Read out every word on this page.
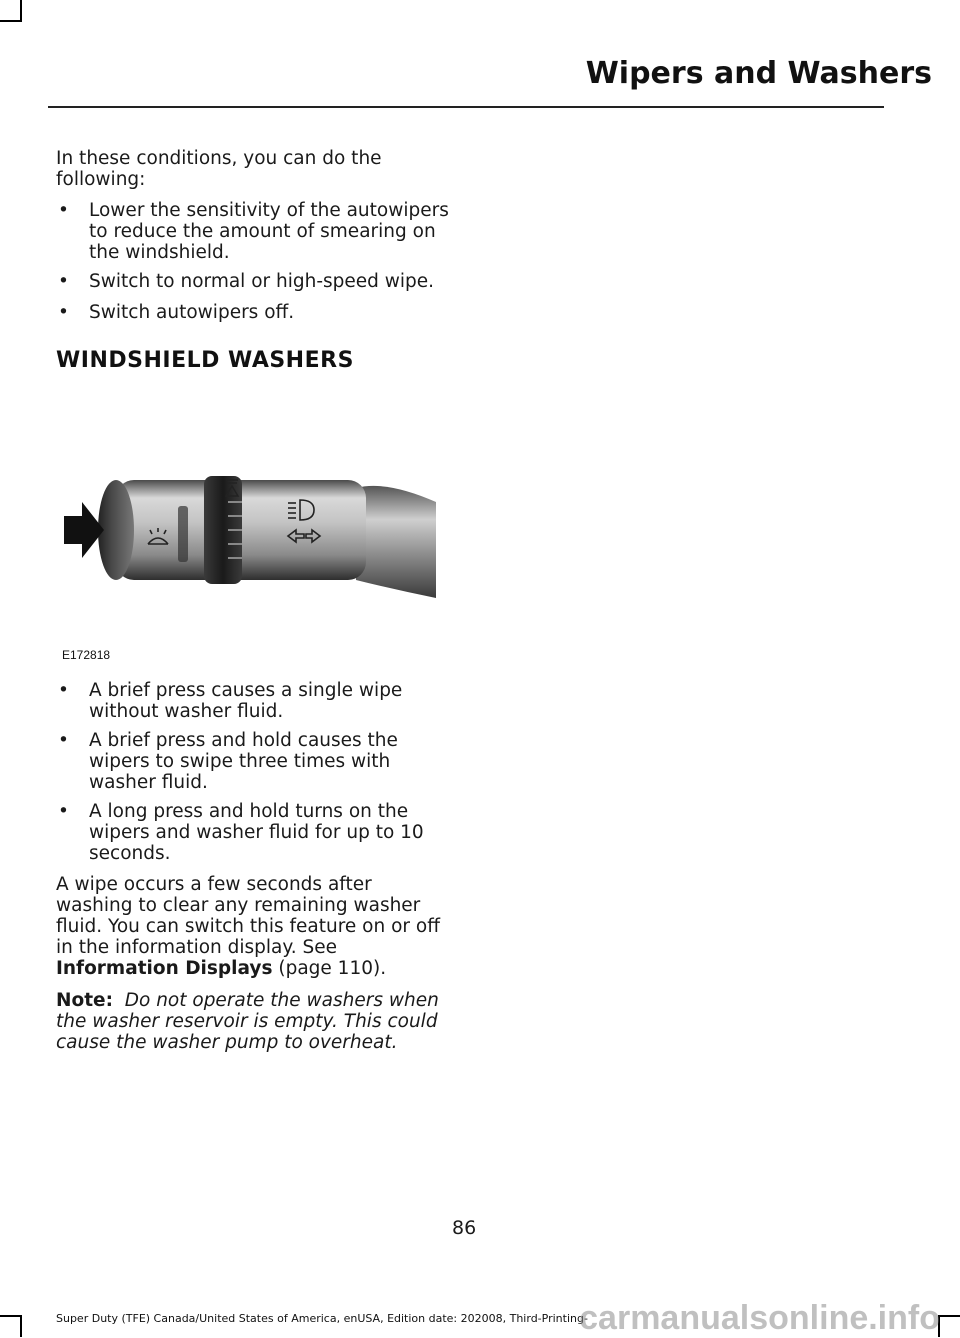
Wipers and Washers

In these conditions, you can do the following:

• Lower the sensitivity of the autowipers to reduce the amount of smearing on the windshield.
• Switch to normal or high-speed wipe.
• Switch autowipers off.
WINDSHIELD WASHERS
E172818
• A brief press causes a single wipe without washer fluid.
• A brief press and hold causes the wipers to swipe three times with washer fluid.
• A long press and hold turns on the wipers and washer fluid for up to 10 seconds.

A wipe occurs a few seconds after washing to clear any remaining washer fluid. You can switch this feature on or off in the information display. See Information Displays (page 110).

Note: Do not operate the washers when the washer reservoir is empty. This could cause the washer pump to overheat.

86
Super Duty (TFE) Canada/United States of America, enUSA, Edition date: 202008, Third-Printing-
carmanualsonline.info
